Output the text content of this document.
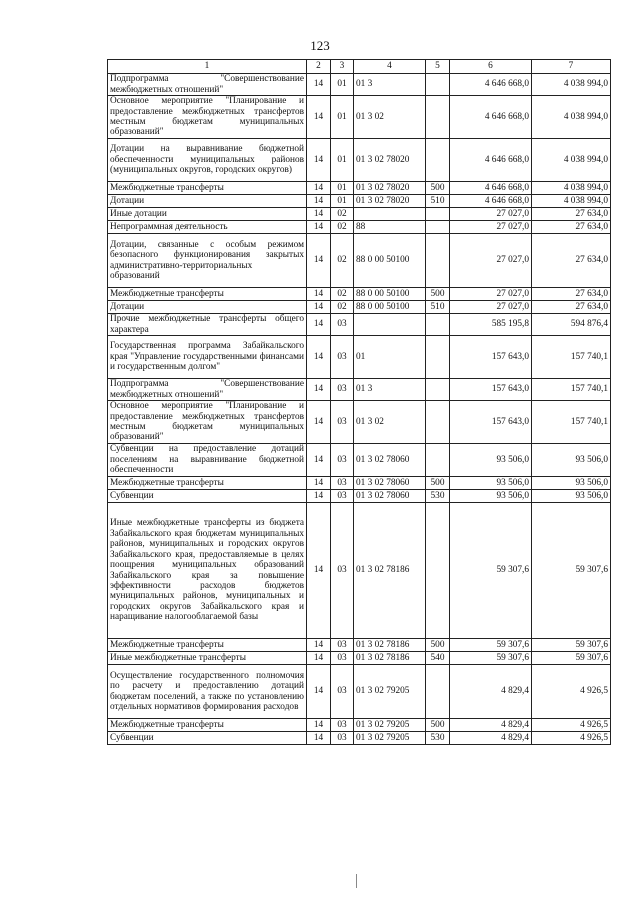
123
1	2	3	4	5	6	7
Подпрограмма "Совершенствование межбюджетных отношений"	14	01	01 3		4 646 668,0	4 038 994,0
Основное мероприятие "Планирование и предоставление межбюджетных трансфертов местным бюджетам муниципальных образований"	14	01	01 3 02		4 646 668,0	4 038 994,0
Дотации на выравнивание бюджетной обеспеченности муниципальных районов (муниципальных округов, городских округов)	14	01	01 3 02 78020		4 646 668,0	4 038 994,0
Межбюджетные трансферты	14	01	01 3 02 78020	500	4 646 668,0	4 038 994,0
Дотации	14	01	01 3 02 78020	510	4 646 668,0	4 038 994,0
Иные дотации	14	02			27 027,0	27 634,0
Непрограммная деятельность	14	02	88		27 027,0	27 634,0
Дотации, связанные с особым режимом безопасного функционирования закрытых административно-территориальных образований	14	02	88 0 00 50100		27 027,0	27 634,0
Межбюджетные трансферты	14	02	88 0 00 50100	500	27 027,0	27 634,0
Дотации	14	02	88 0 00 50100	510	27 027,0	27 634,0
Прочие межбюджетные трансферты общего характера	14	03			585 195,8	594 876,4
Государственная программа Забайкальского края "Управление государственными финансами и государственным долгом"	14	03	01		157 643,0	157 740,1
Подпрограмма "Совершенствование межбюджетных отношений"	14	03	01 3		157 643,0	157 740,1
Основное мероприятие "Планирование и предоставление межбюджетных трансфертов местным бюджетам муниципальных образований"	14	03	01 3 02		157 643,0	157 740,1
Субвенции на предоставление дотаций поселениям на выравнивание бюджетной обеспеченности	14	03	01 3 02 78060		93 506,0	93 506,0
Межбюджетные трансферты	14	03	01 3 02 78060	500	93 506,0	93 506,0
Субвенции	14	03	01 3 02 78060	530	93 506,0	93 506,0
Иные межбюджетные трансферты из бюджета Забайкальского края бюджетам муниципальных районов, муниципальных и городских округов Забайкальского края, предоставляемые в целях поощрения муниципальных образований Забайкальского края за повышение эффективности расходов бюджетов муниципальных районов, муниципальных и городских округов Забайкальского края и наращивание налогооблагаемой базы	14	03	01 3 02 78186		59 307,6	59 307,6
Межбюджетные трансферты	14	03	01 3 02 78186	500	59 307,6	59 307,6
Иные межбюджетные трансферты	14	03	01 3 02 78186	540	59 307,6	59 307,6
Осуществление государственного полномочия по расчету и предоставлению дотаций бюджетам поселений, а также по установлению отдельных нормативов формирования расходов	14	03	01 3 02 79205		4 829,4	4 926,5
Межбюджетные трансферты	14	03	01 3 02 79205	500	4 829,4	4 926,5
Субвенции	14	03	01 3 02 79205	530	4 829,4	4 926,5
